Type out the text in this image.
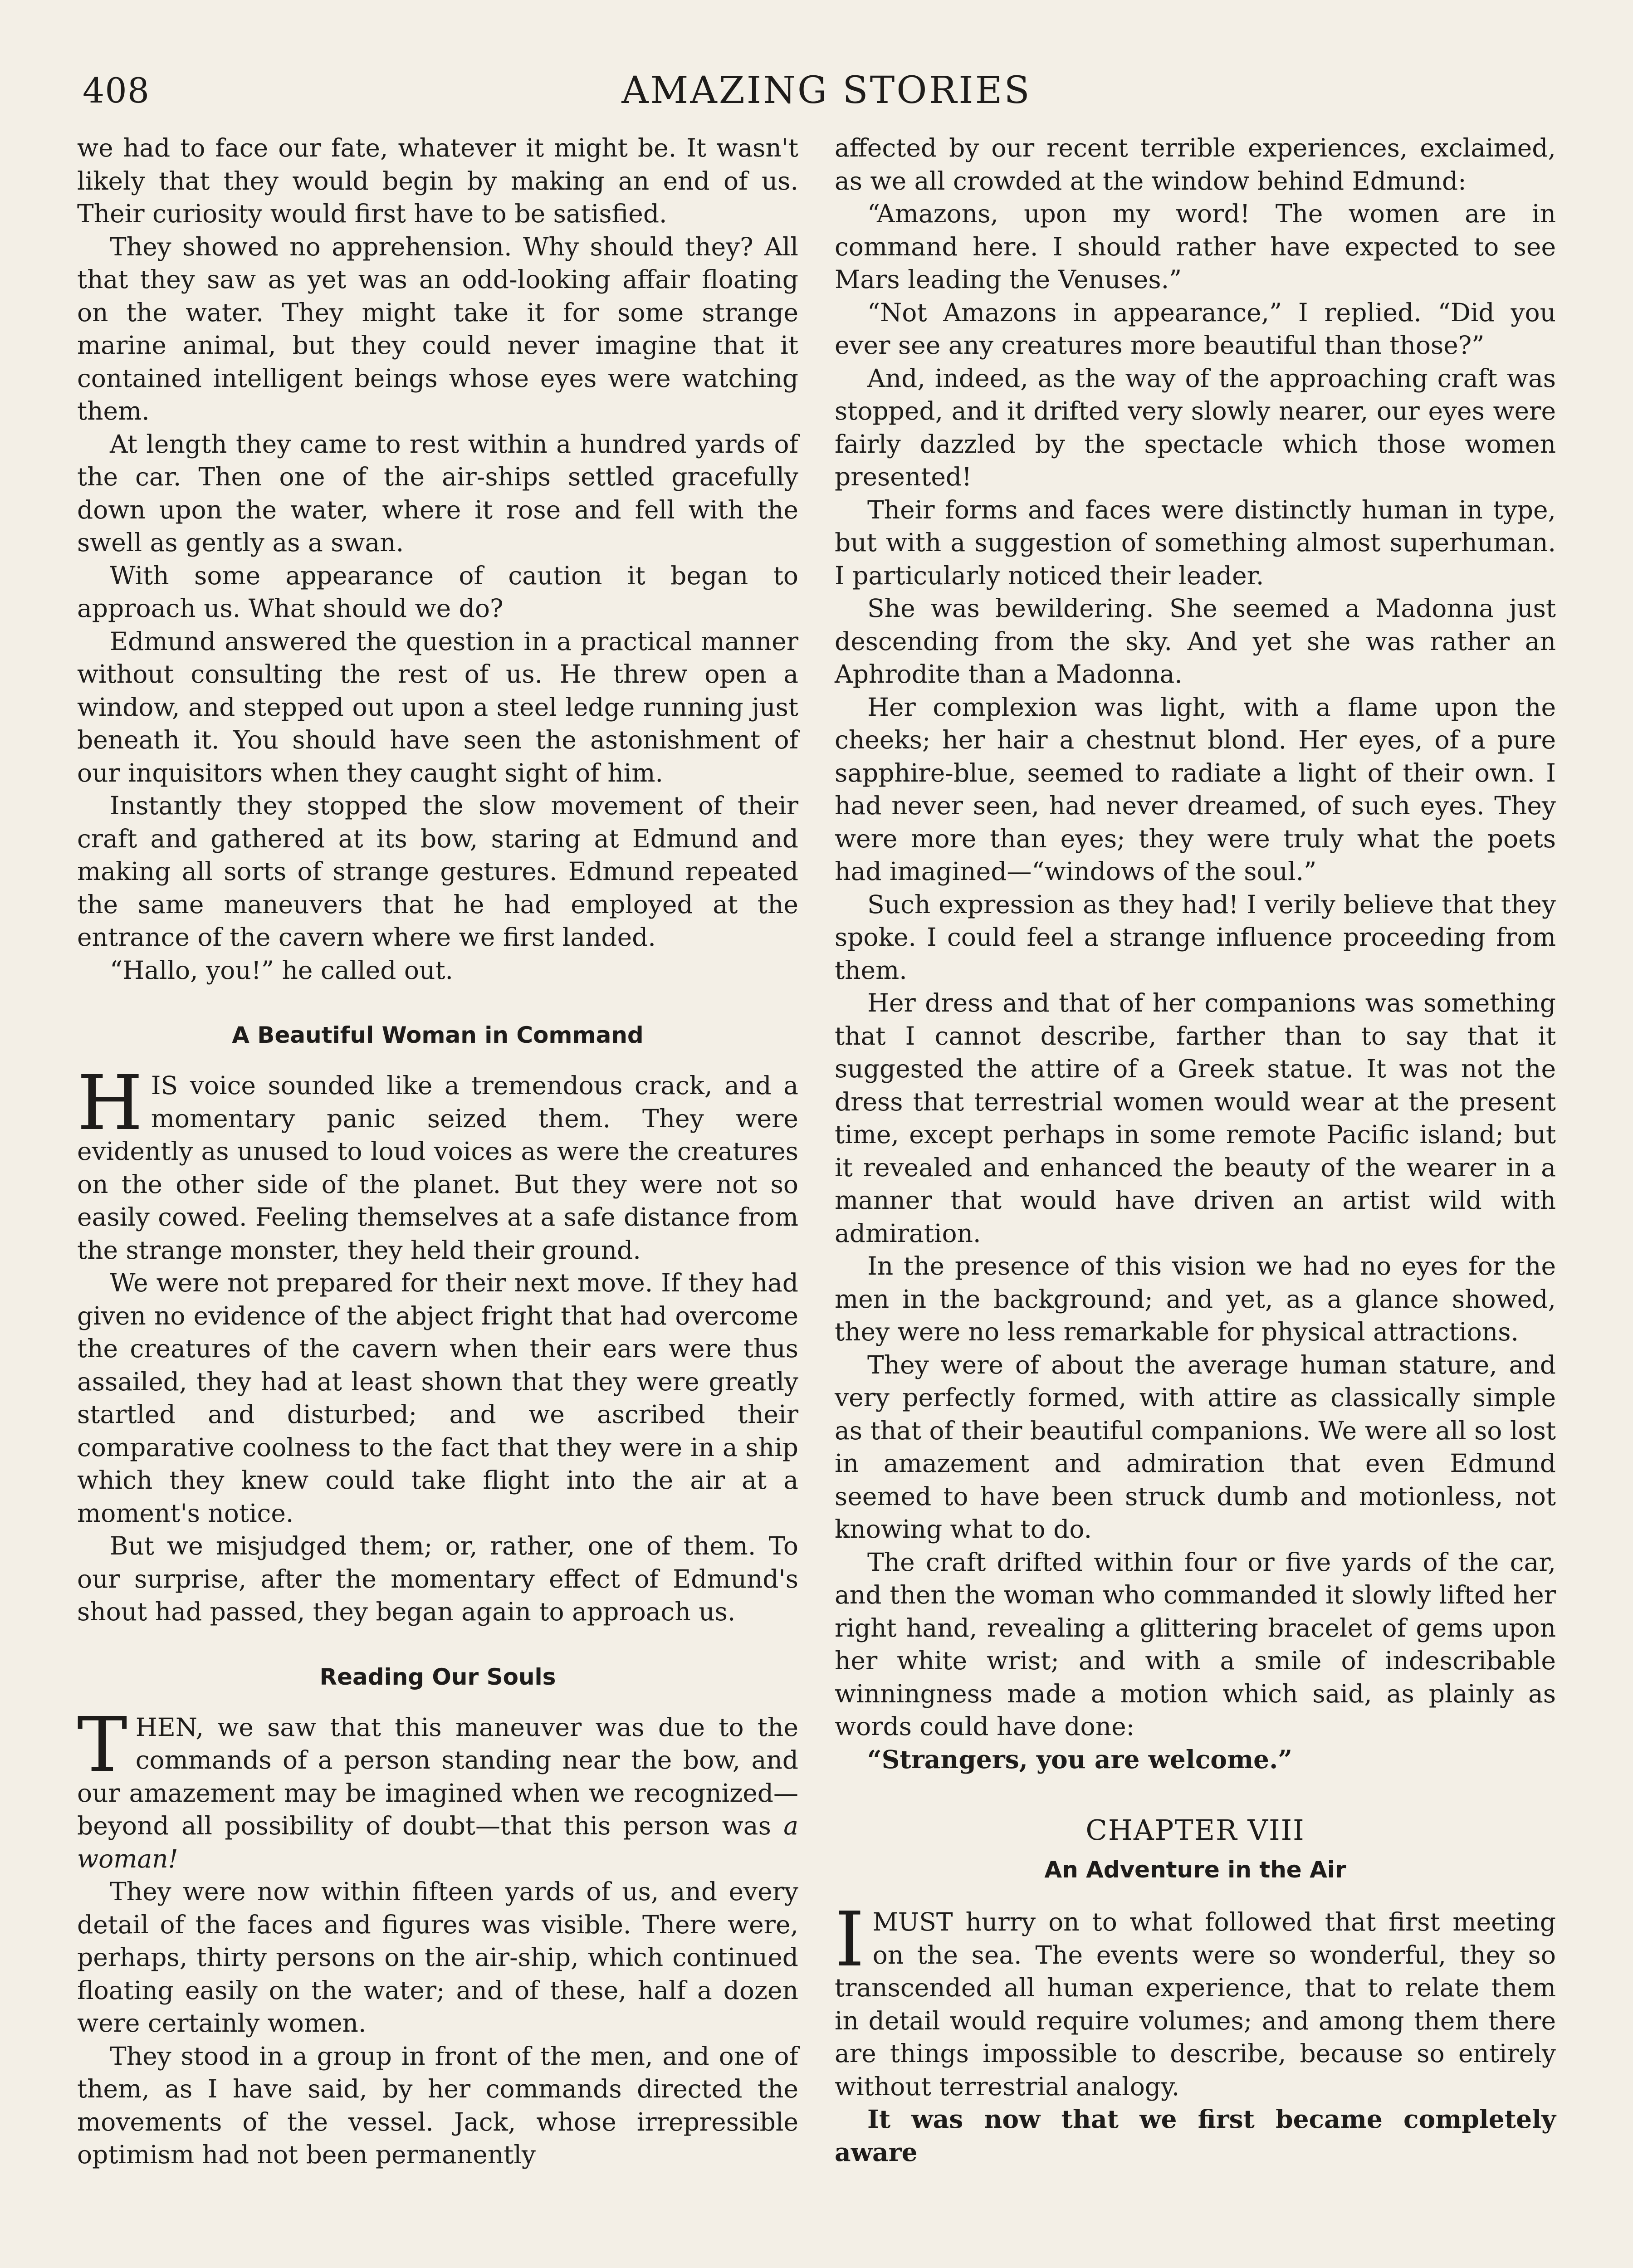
408	AMAZING STORIES

we had to face our fate, whatever it might be. It wasn't likely that they would begin by making an end of us. Their curiosity would first have to be satisfied.

They showed no apprehension. Why should they? All that they saw as yet was an odd-looking affair floating on the water. They might take it for some strange marine animal, but they could never imagine that it contained intelligent beings whose eyes were watching them.

At length they came to rest within a hundred yards of the car. Then one of the air-ships settled gracefully down upon the water, where it rose and fell with the swell as gently as a swan.

With some appearance of caution it began to approach us. What should we do?

Edmund answered the question in a practical manner without consulting the rest of us. He threw open a window, and stepped out upon a steel ledge running just beneath it. You should have seen the astonishment of our inquisitors when they caught sight of him.

Instantly they stopped the slow movement of their craft and gathered at its bow, staring at Edmund and making all sorts of strange gestures. Edmund repeated the same maneuvers that he had employed at the entrance of the cavern where we first landed.

“Hallo, you!” he called out.

A Beautiful Woman in Command

HIS voice sounded like a tremendous crack, and a momentary panic seized them. They were evidently as unused to loud voices as were the creatures on the other side of the planet. But they were not so easily cowed. Feeling themselves at a safe distance from the strange monster, they held their ground.

We were not prepared for their next move. If they had given no evidence of the abject fright that had overcome the creatures of the cavern when their ears were thus assailed, they had at least shown that they were greatly startled and disturbed; and we ascribed their comparative coolness to the fact that they were in a ship which they knew could take flight into the air at a moment's notice.

But we misjudged them; or, rather, one of them. To our surprise, after the momentary effect of Edmund's shout had passed, they began again to approach us.

Reading Our Souls

THEN, we saw that this maneuver was due to the commands of a person standing near the bow, and our amazement may be imagined when we recognized—beyond all possibility of doubt—that this person was a woman!

They were now within fifteen yards of us, and every detail of the faces and figures was visible. There were, perhaps, thirty persons on the air-ship, which continued floating easily on the water; and of these, half a dozen were certainly women.

They stood in a group in front of the men, and one of them, as I have said, by her commands directed the movements of the vessel. Jack, whose irrepressible optimism had not been permanently

affected by our recent terrible experiences, exclaimed, as we all crowded at the window behind Edmund:

“Amazons, upon my word! The women are in command here. I should rather have expected to see Mars leading the Venuses.”

“Not Amazons in appearance,” I replied. “Did you ever see any creatures more beautiful than those?”

And, indeed, as the way of the approaching craft was stopped, and it drifted very slowly nearer, our eyes were fairly dazzled by the spectacle which those women presented!

Their forms and faces were distinctly human in type, but with a suggestion of something almost superhuman. I particularly noticed their leader.

She was bewildering. She seemed a Madonna just descending from the sky. And yet she was rather an Aphrodite than a Madonna.

Her complexion was light, with a flame upon the cheeks; her hair a chestnut blond. Her eyes, of a pure sapphire-blue, seemed to radiate a light of their own. I had never seen, had never dreamed, of such eyes. They were more than eyes; they were truly what the poets had imagined—“windows of the soul.”

Such expression as they had! I verily believe that they spoke. I could feel a strange influence proceeding from them.

Her dress and that of her companions was something that I cannot describe, farther than to say that it suggested the attire of a Greek statue. It was not the dress that terrestrial women would wear at the present time, except perhaps in some remote Pacific island; but it revealed and enhanced the beauty of the wearer in a manner that would have driven an artist wild with admiration.

In the presence of this vision we had no eyes for the men in the background; and yet, as a glance showed, they were no less remarkable for physical attractions.

They were of about the average human stature, and very perfectly formed, with attire as classically simple as that of their beautiful companions. We were all so lost in amazement and admiration that even Edmund seemed to have been struck dumb and motionless, not knowing what to do.

The craft drifted within four or five yards of the car, and then the woman who commanded it slowly lifted her right hand, revealing a glittering bracelet of gems upon her white wrist; and with a smile of indescribable winningness made a motion which said, as plainly as words could have done:

“Strangers, you are welcome.”

CHAPTER VIII
An Adventure in the Air

IMUST hurry on to what followed that first meeting on the sea. The events were so wonderful, they so transcended all human experience, that to relate them in detail would require volumes; and among them there are things impossible to describe, because so entirely without terrestrial analogy.

It was now that we first became completely aware
